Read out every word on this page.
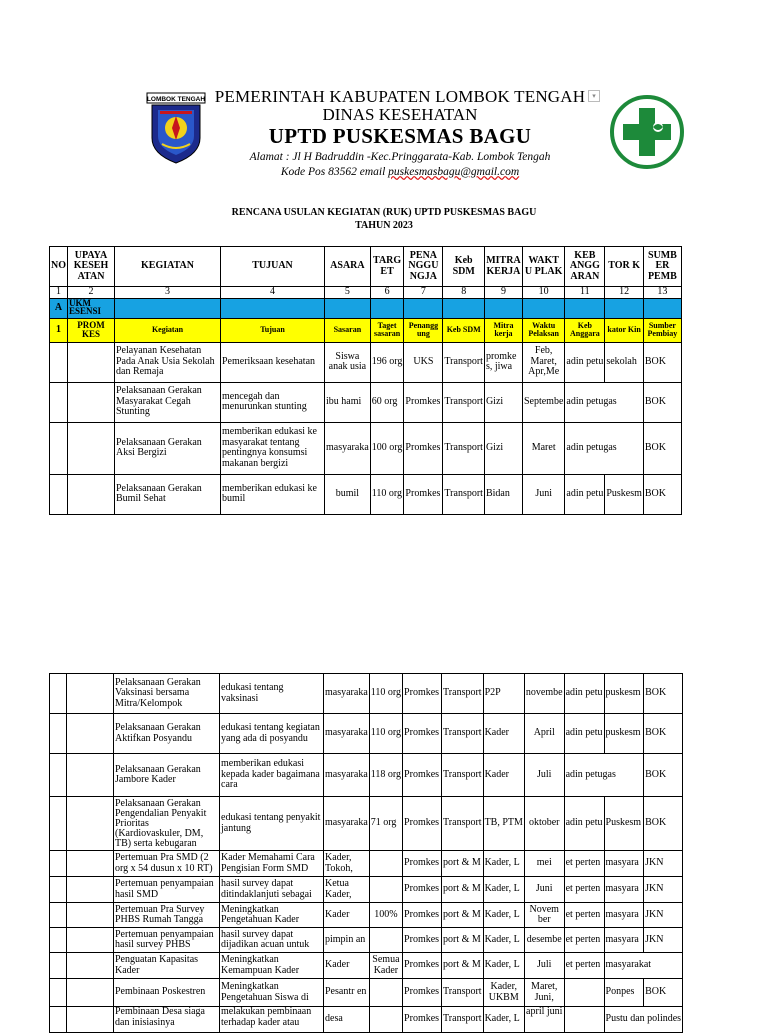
LOMBOK TENGAH	▾
PEMERINTAH KABUPATEN LOMBOK TENGAH
DINAS KESEHATAN
UPTD PUSKESMAS BAGU
Alamat : Jl H Badruddin -Kec.Pringgarata-Kab. Lombok Tengah
Kode Pos 83562 email puskesmasbagu@gmail.com
RENCANA USULAN KEGIATAN (RUK) UPTD PUSKESMAS BAGU
TAHUN 2023
NO	UPAYA KESEH ATAN	KEGIATAN	TUJUAN	ASARA	TARG ET	PENA NGGU NGJA	Keb SDM	MITRA KERJA	WAKT U PLAK	KEB ANGG ARAN	TOR K	SUMB ER PEMB
1	2	3	4	5	6	7	8	9	10	11	12	13
A	UKM ESENSI											
1	PROM KES	Kegiatan	Tujuan	Sasaran	Taget sasaran	Penangg ung	Keb SDM	Mitra kerja	Waktu Pelaksan	Keb Anggara	kator Kin	Sumber Pembiay
		Pelayanan Kesehatan Pada Anak Usia Sekolah dan Remaja	Pemeriksaan kesehatan	Siswa anak usia	196 org	UKS	Transport	promke s, jiwa	Feb, Maret, Apr,Me	adin petu	sekolah	BOK
		Pelaksanaan Gerakan Masyarakat Cegah Stunting	mencegah dan menurunkan stunting	ibu hami	60 org	Promkes	Transport	Gizi	Septembe	adin petugas		BOK
		Pelaksanaan Gerakan Aksi Bergizi	memberikan edukasi ke masyarakat tentang pentingnya konsumsi makanan bergizi	masyaraka	100 org	Promkes	Transport	Gizi	Maret	adin petugas		BOK
		Pelaksanaan Gerakan Bumil Sehat	memberikan edukasi ke bumil	bumil	110 org	Promkes	Transport	Bidan	Juni	adin petu	Puskesm	BOK
		Pelaksanaan Gerakan Vaksinasi bersama Mitra/Kelompok	edukasi tentang vaksinasi	masyaraka	110 org	Promkes	Transport	P2P	novembe	adin petu	puskesm	BOK
		Pelaksanaan Gerakan Aktifkan Posyandu	edukasi tentang kegiatan yang ada di posyandu	masyaraka	110 org	Promkes	Transport	Kader	April	adin petu	puskesm	BOK
		Pelaksanaan Gerakan Jambore Kader	memberikan edukasi kepada kader bagaimana cara	masyaraka	118 org	Promkes	Transport	Kader	Juli	adin petugas		BOK
		Pelaksanaan Gerakan Pengendalian Penyakit Prioritas (Kardiovaskuler, DM, TB) serta kebugaran	edukasi tentang penyakit jantung	masyaraka	71 org	Promkes	Transport	TB, PTM	oktober	adin petu	Puskesm	BOK
		Pertemuan Pra SMD (2 org x 54 dusun x 10 RT)	Kader Memahami Cara Pengisian Form SMD	Kader, Tokoh,		Promkes	port & M	Kader, L	mei	et perten	masyara	JKN
		Pertemuan penyampaian hasil SMD	hasil survey dapat ditindaklanjuti sebagai	Ketua Kader,		Promkes	port & M	Kader, L	Juni	et perten	masyara	JKN
		Pertemuan Pra Survey PHBS Rumah Tangga	Meningkatkan Pengetahuan Kader	Kader	100%	Promkes	port & M	Kader, L	Novem ber	et perten	masyara	JKN
		Pertemuan penyampaian hasil survey PHBS	hasil survey dapat dijadikan acuan untuk	pimpin an		Promkes	port & M	Kader, L	desembe	et perten	masyara	JKN
		Penguatan Kapasitas Kader	Meningkatkan Kemampuan Kader	Kader	Semua Kader	Promkes	port & M	Kader, L	Juli	et perten	masyarakat	
		Pembinaan Poskestren	Meningkatkan Pengetahuan Siswa di	Pesantr en		Promkes	Transport	Kader, UKBM	Maret, Juni,		Ponpes	BOK
		Pembinaan Desa siaga dan inisiasinya	melakukan pembinaan terhadap kader atau	desa		Promkes	Transport	Kader, L	april juni		Pustu dan polindes	
